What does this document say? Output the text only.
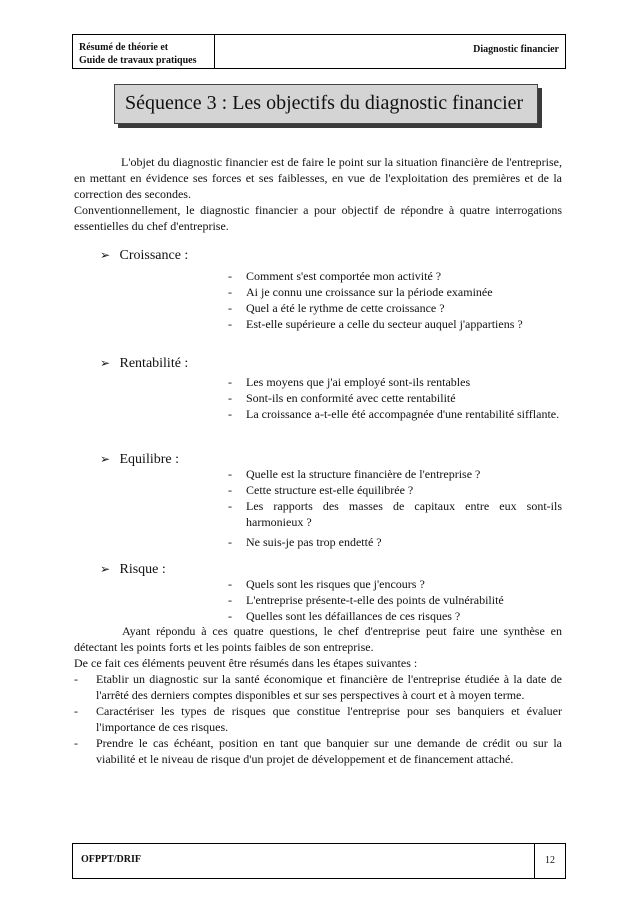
Résumé de théorie et
Guide de travaux pratiques
Diagnostic financier
Séquence 3 : Les objectifs du diagnostic financier

L'objet du diagnostic financier est de faire le point sur la situation financière de l'entreprise, en mettant en évidence ses forces et ses faiblesses, en vue de l'exploitation des premières et de la correction des secondes.

Conventionnellement, le diagnostic financier a pour objectif de répondre à quatre interrogations essentielles du chef d'entreprise.

➢ Croissance :
- Comment s'est comportée mon activité ?
- Ai je connu une croissance sur la période examinée
- Quel a été le rythme de cette croissance ?
- Est-elle supérieure a celle du secteur auquel j'appartiens ?
➢ Rentabilité :
- Les moyens que j'ai employé sont-ils rentables
- Sont-ils en conformité avec cette rentabilité
- La croissance a-t-elle été accompagnée d'une rentabilité sifflante.
➢ Equilibre :
- Quelle est la structure financière de l'entreprise ?
- Cette structure est-elle équilibrée ?
- Les rapports des masses de capitaux entre eux sont-ils harmonieux ?
- Ne suis-je pas trop endetté ?
➢ Risque :
- Quels sont les risques que j'encours ?
- L'entreprise présente-t-elle des points de vulnérabilité
- Quelles sont les défaillances de ces risques ?

Ayant répondu à ces quatre questions, le chef d'entreprise peut faire une synthèse en détectant les points forts et les points faibles de son entreprise.

De ce fait ces éléments peuvent être résumés dans les étapes suivantes :

- Etablir un diagnostic sur la santé économique et financière de l'entreprise étudiée à la date de l'arrêté des derniers comptes disponibles et sur ses perspectives à court et à moyen terme.
- Caractériser les types de risques que constitue l'entreprise pour ses banquiers et évaluer l'importance de ces risques.
- Prendre le cas échéant, position en tant que banquier sur une demande de crédit ou sur la viabilité et le niveau de risque d'un projet de développement et de financement attaché.
OFPPT/DRIF	12
